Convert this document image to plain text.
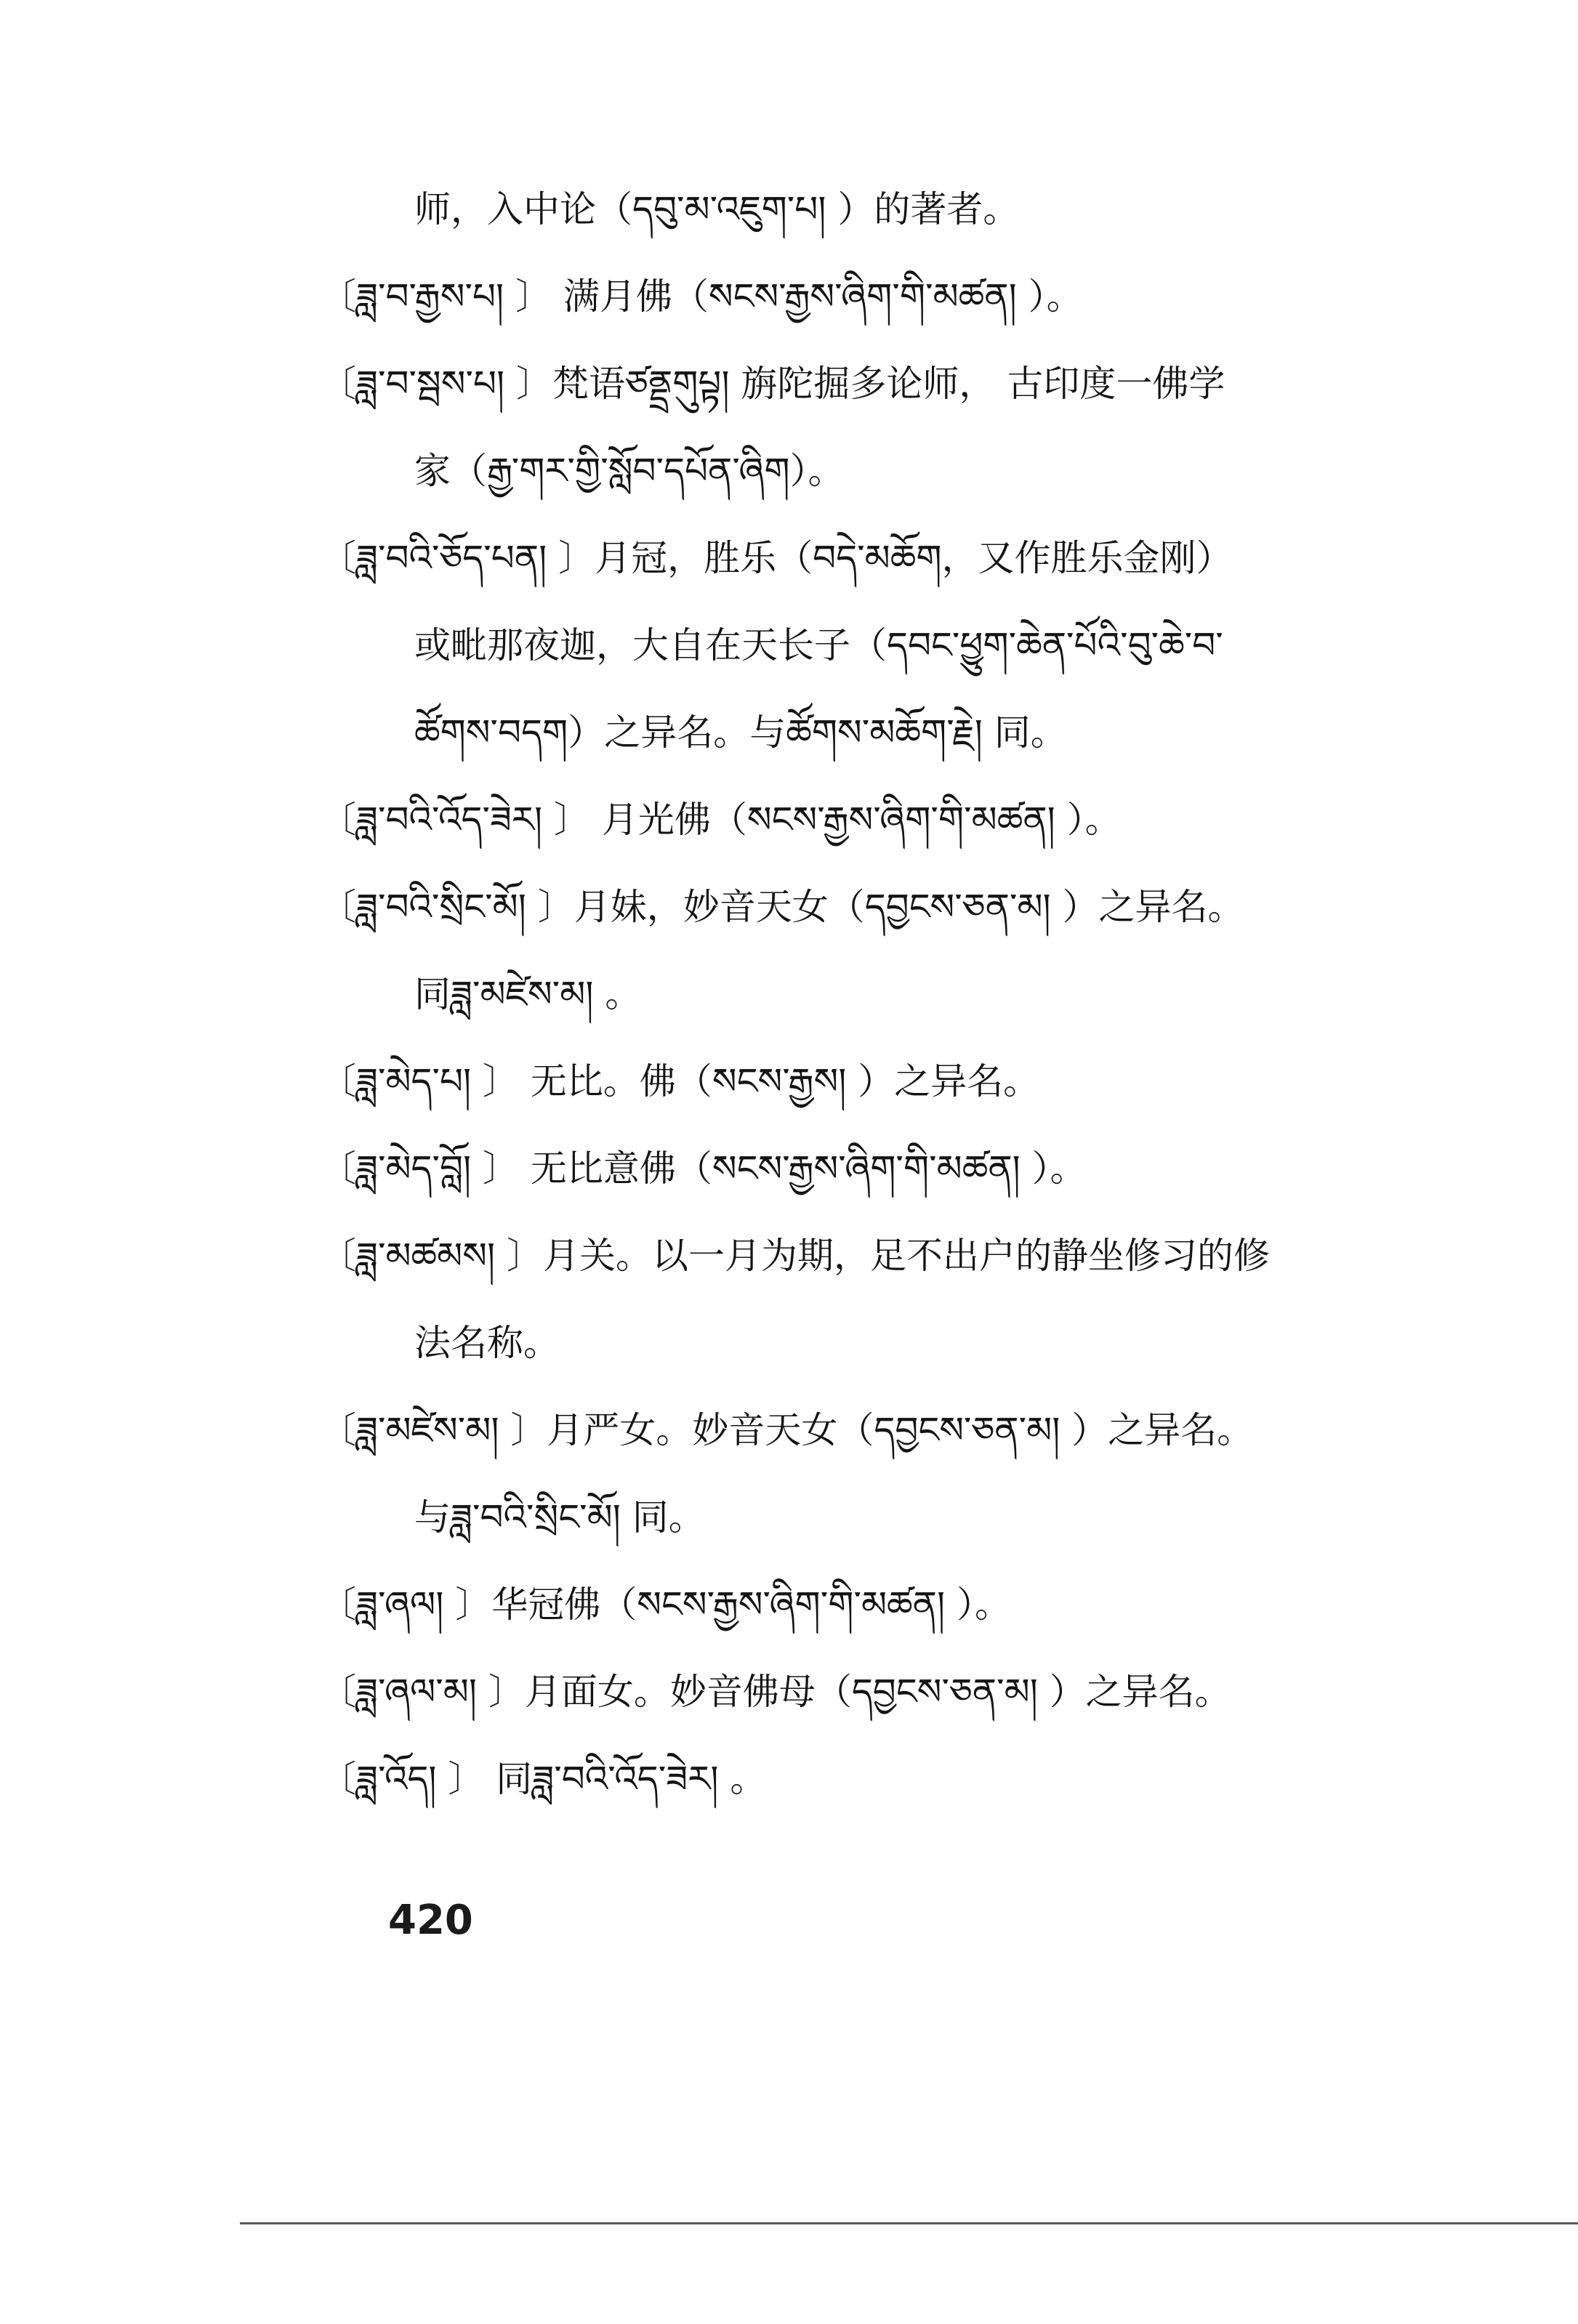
师，入中论（དབུ་མ་འཇུག་པ། ）的著者。

〔ཟླ་བ་རྒྱས་པ། 〕 满月佛（སངས་རྒྱས་ཞིག་གི་མཚན། ）。

〔ཟླ་བ་སྦས་པ། 〕梵语ཙནྡྲགུཔྟ། 旃陀掘多论师， 古印度一佛学

家（རྒྱ་གར་གྱི་སློབ་དཔོན་ཞིག）。

〔ཟླ་བའི་ཅོད་པན། 〕月冠，胜乐（བདེ་མཆོག，又作胜乐金刚）

或毗那夜迦，大自在天长子（དབང་ཕྱུག་ཆེན་པོའི་བུ་ཆེ་བ་

ཚོགས་བདག）之异名。与ཚོགས་མཆོག་རྗེ། 同。

〔ཟླ་བའི་འོད་ཟེར། 〕 月光佛（སངས་རྒྱས་ཞིག་གི་མཚན། ）。

〔ཟླ་བའི་སྲིང་མོ། 〕月妹，妙音天女（དབྱངས་ཅན་མ། ）之异名。

同ཟླ་མཛེས་མ། 。

〔ཟླ་མེད་པ། 〕 无比。佛（སངས་རྒྱས། ）之异名。

〔ཟླ་མེད་བློ། 〕 无比意佛（སངས་རྒྱས་ཞིག་གི་མཚན། ）。

〔ཟླ་མཚམས། 〕月关。以一月为期，足不出户的静坐修习的修

法名称。

〔ཟླ་མཛེས་མ། 〕月严女。妙音天女（དབྱངས་ཅན་མ། ）之异名。

与ཟླ་བའི་སྲིང་མོ། 同。

〔ཟླ་ཞལ། 〕华冠佛（སངས་རྒྱས་ཞིག་གི་མཚན། ）。

〔ཟླ་ཞལ་མ། 〕月面女。妙音佛母（དབྱངས་ཅན་མ། ）之异名。

〔ཟླ་འོད། 〕 同ཟླ་བའི་འོད་ཟེར། 。

420
